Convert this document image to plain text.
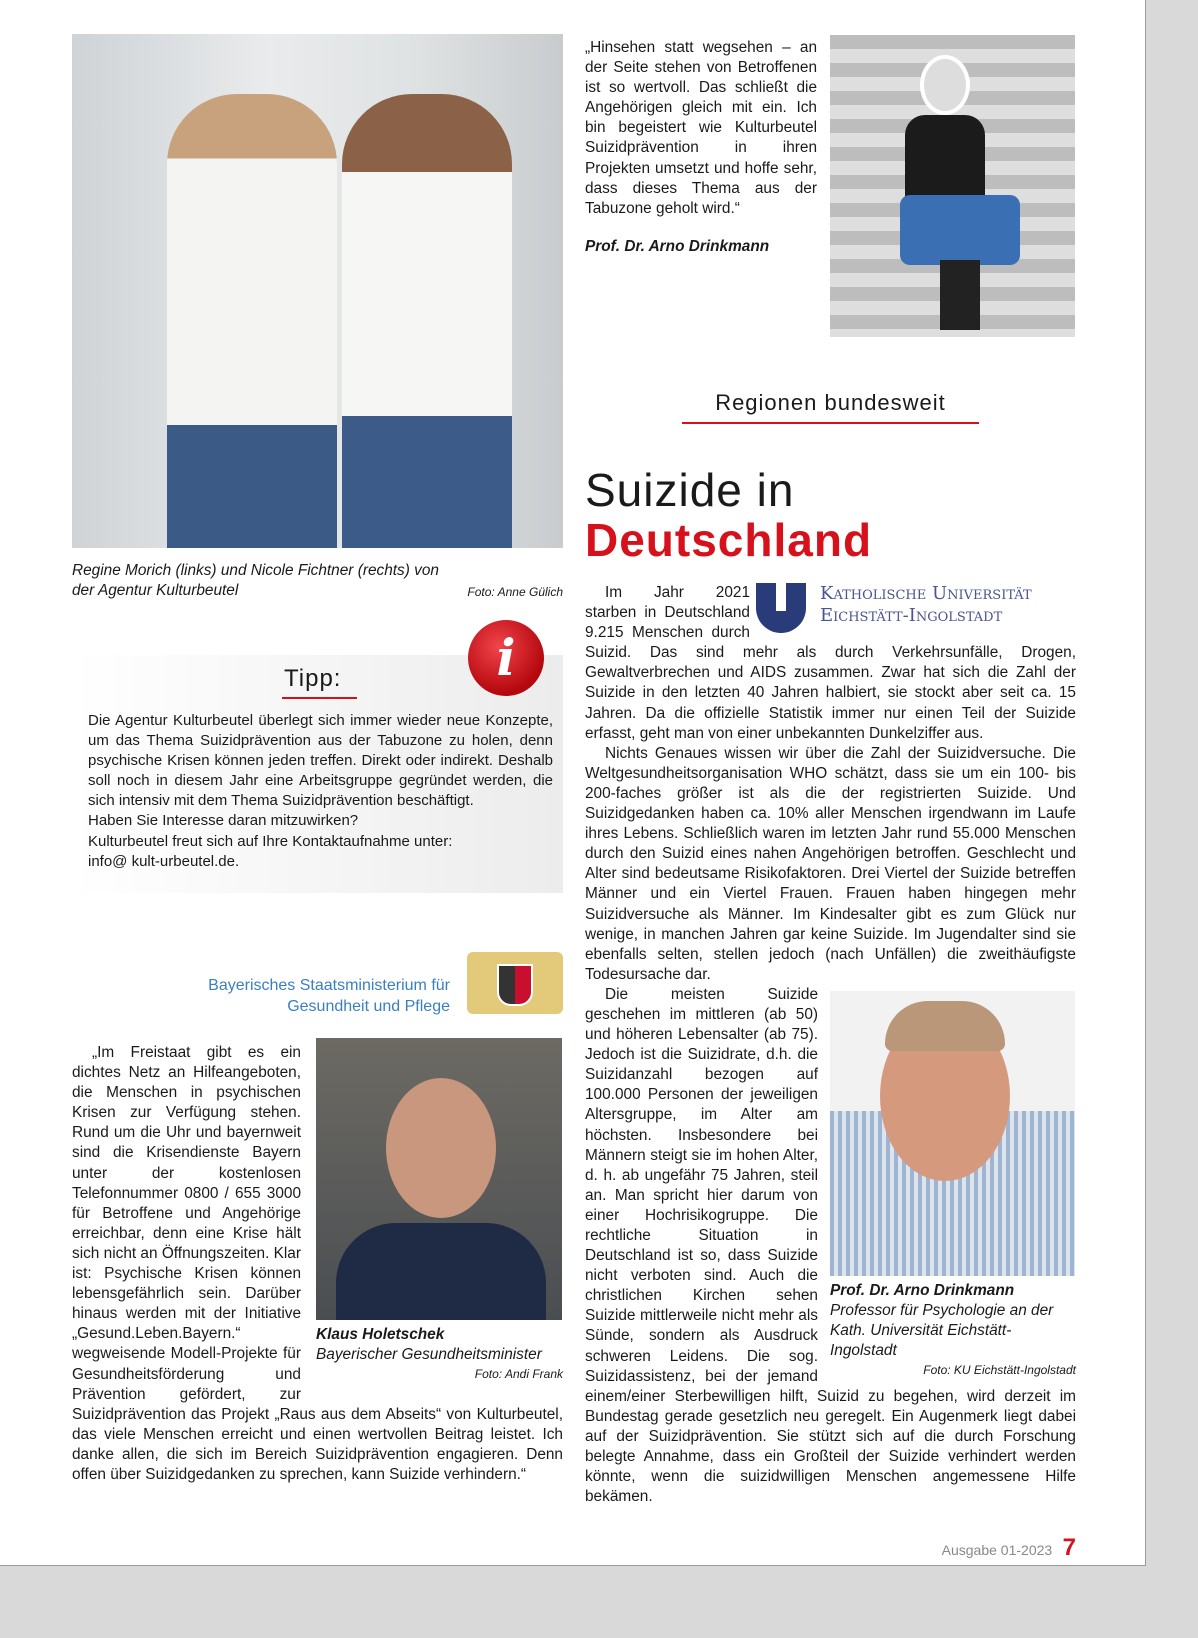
Foto: Anne Gülich
Regine Morich (links) und Nicole Fichtner (rechts) von der Agentur Kulturbeutel
Tipp:
Die Agentur Kulturbeutel überlegt sich immer wieder neue Konzepte, um das Thema Suizidprävention aus der Tabuzone zu holen, denn psychische Krisen können jeden treffen. Direkt oder indirekt. Deshalb soll noch in diesem Jahr eine Arbeitsgruppe gegründet werden, die sich intensiv mit dem Thema Suizidprävention beschäftigt.
Haben Sie Interesse daran mitzuwirken?
Kulturbeutel freut sich auf Ihre Kontaktaufnahme unter:
info@ kult-urbeutel.de.
i
Bayerisches Staatsministerium für
Gesundheit und Pflege
Klaus Holetschek
Bayerischer Gesundheitsminister
Foto: Andi Frank

„Im Freistaat gibt es ein dichtes Netz an Hilfeangeboten, die Menschen in psychischen Krisen zur Verfügung stehen. Rund um die Uhr und bayernweit sind die Krisendienste Bayern unter der kostenlosen Telefonnummer 0800 / 655 3000 für Betroffene und Angehörige erreichbar, denn eine Krise hält sich nicht an Öffnungszeiten. Klar ist: Psychische Krisen können lebensgefährlich sein. Darüber hinaus werden mit der Initiative „Gesund.Leben.Bayern.“ wegweisende Modell-Projekte für Gesundheitsförderung und Prävention gefördert, zur Suizidprävention das Projekt „Raus aus dem Abseits“ von Kulturbeutel, das viele Menschen erreicht und einen wertvollen Beitrag leistet. Ich danke allen, die sich im Bereich Suizidprävention engagieren. Denn offen über Suizidgedanken zu sprechen, kann Suizide verhindern.“

„Hinsehen statt wegsehen – an der Seite stehen von Betroffenen ist so wertvoll. Das schließt die Angehörigen gleich mit ein. Ich bin begeistert wie Kulturbeutel Suizidprävention in ihren Projekten umsetzt und hoffe sehr, dass dieses Thema aus der Tabuzone geholt wird.“

Prof. Dr. Arno Drinkmann
Regionen bundesweit
Suizide in
Deutschland
Katholische Universität
Eichstätt-Ingolstadt

Im Jahr 2021 starben in Deutschland 9.215 Menschen durch Suizid. Das sind mehr als durch Verkehrsunfälle, Drogen, Gewaltverbrechen und AIDS zusammen. Zwar hat sich die Zahl der Suizide in den letzten 40 Jahren halbiert, sie stockt aber seit ca. 15 Jahren. Da die offizielle Statistik immer nur einen Teil der Suizide erfasst, geht man von einer unbekannten Dunkelziffer aus.

Nichts Genaues wissen wir über die Zahl der Suizidversuche. Die Weltgesundheitsorganisation WHO schätzt, dass sie um ein 100- bis 200-faches größer ist als die der registrierten Suizide. Und Suizidgedanken haben ca. 10% aller Menschen irgendwann im Laufe ihres Lebens. Schließlich waren im letzten Jahr rund 55.000 Menschen durch den Suizid eines nahen Angehörigen betroffen. Geschlecht und Alter sind bedeutsame Risikofaktoren. Drei Viertel der Suizide betreffen Männer und ein Viertel Frauen. Frauen haben hingegen mehr Suizidversuche als Männer. Im Kindesalter gibt es zum Glück nur wenige, in manchen Jahren gar keine Suizide. Im Jugendalter sind sie ebenfalls selten, stellen jedoch (nach Unfällen) die zweithäufigste Todesursache dar.

Prof. Dr. Arno Drinkmann
Professor für Psychologie an der Kath. Universität Eichstätt-Ingolstadt
Foto: KU Eichstätt-Ingolstadt

Die meisten Suizide geschehen im mittleren (ab 50) und höheren Lebensalter (ab 75). Jedoch ist die Suizidrate, d.h. die Suizidanzahl bezogen auf 100.000 Personen der jeweiligen Altersgruppe, im Alter am höchsten. Insbesondere bei Männern steigt sie im hohen Alter, d. h. ab ungefähr 75 Jahren, steil an. Man spricht hier darum von einer Hochrisikogruppe. Die rechtliche Situation in Deutschland ist so, dass Suizide nicht verboten sind. Auch die christlichen Kirchen sehen Suizide mittlerweile nicht mehr als Sünde, sondern als Ausdruck schweren Leidens. Die sog. Suizidassistenz, bei der jemand einem/einer Sterbewilligen hilft, Suizid zu begehen, wird derzeit im Bundestag gerade gesetzlich neu geregelt. Ein Augenmerk liegt dabei auf der Suizidprävention. Sie stützt sich auf die durch Forschung belegte Annahme, dass ein Großteil der Suizide verhindert werden könnte, wenn die suizidwilligen Menschen angemessene Hilfe bekämen.

Ausgabe 01-2023 7
